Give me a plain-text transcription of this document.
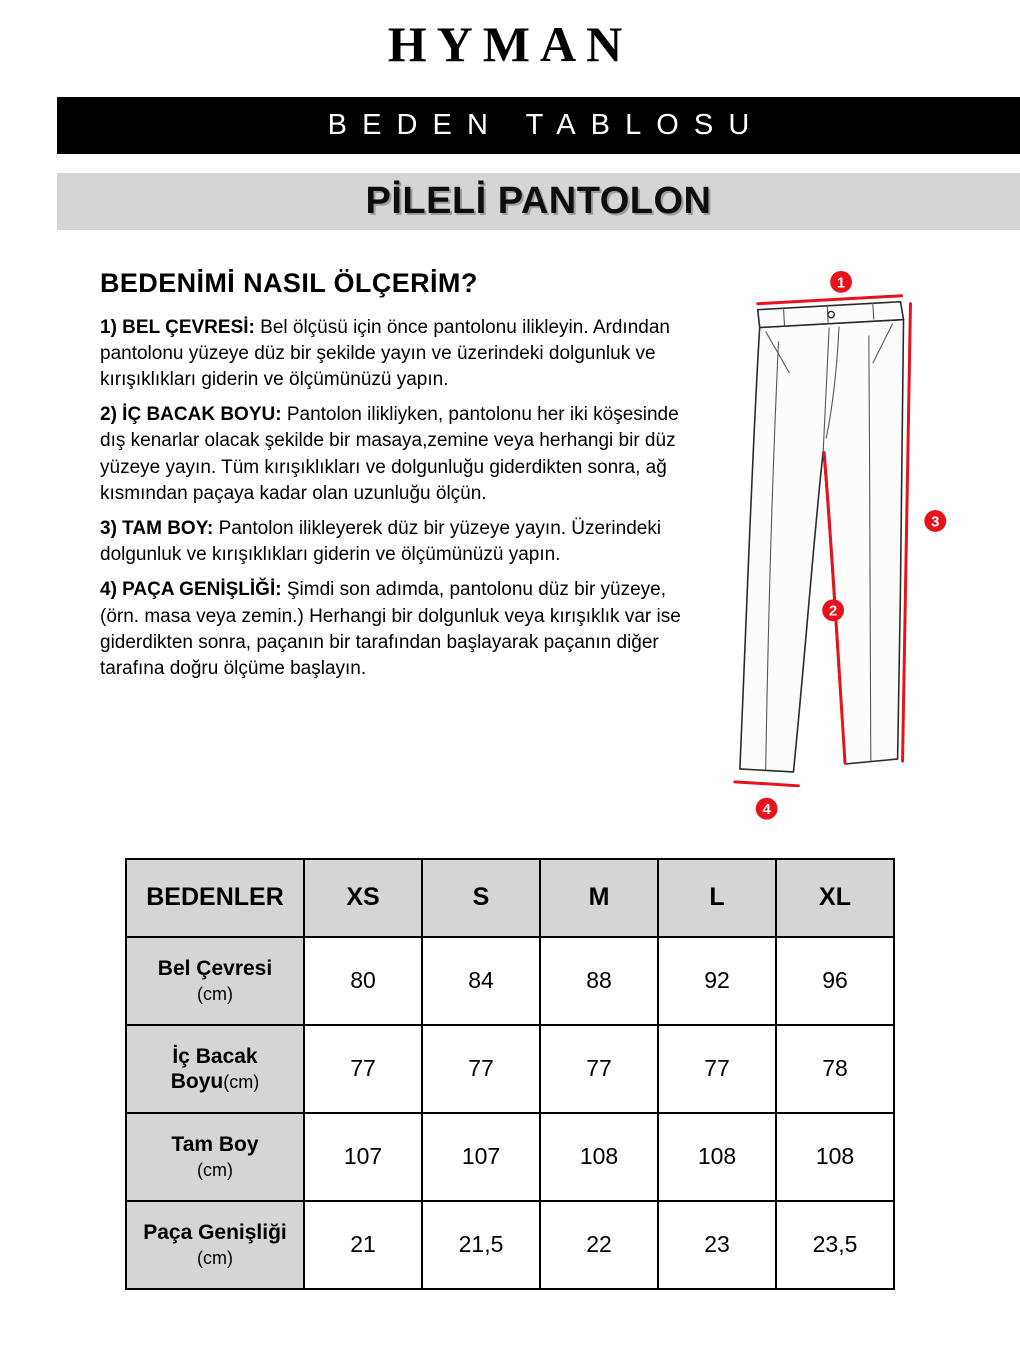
HYMAN
BEDEN TABLOSU
PİLELİ PANTOLON
BEDENİMİ NASIL ÖLÇERİM?

1) BEL ÇEVRESİ: Bel ölçüsü için önce pantolonu ilikleyin. Ardından pantolonu yüzeye düz bir şekilde yayın ve üzerindeki dolgunluk ve kırışıklıkları giderin ve ölçümünüzü yapın.

2) İÇ BACAK BOYU: Pantolon ilikliyken, pantolonu her iki köşesinde dış kenarlar olacak şekilde bir masaya,zemine veya herhangi bir düz yüzeye yayın. Tüm kırışıklıkları ve dolgunluğu giderdikten sonra, ağ kısmından paçaya kadar olan uzunluğu ölçün.

3) TAM BOY: Pantolon ilikleyerek düz bir yüzeye yayın. Üzerindeki dolgunluk ve kırışıklıkları giderin ve ölçümünüzü yapın.

4) PAÇA GENİŞLİĞİ: Şimdi son adımda, pantolonu düz bir yüzeye, (örn. masa veya zemin.) Herhangi bir dolgunluk veya kırışıklık var ise giderdikten sonra, paçanın bir tarafından başlayarak paçanın diğer tarafına doğru ölçüme başlayın.

1
2
3
4
BEDENLER	XS	S	M	L	XL

Bel Çevresi
(cm)	80	84	88	92	96

İç Bacak
Boyu(cm)	77	77	77	77	78

Tam Boy
(cm)	107	107	108	108	108

Paça Genişliği
(cm)	21	21,5	22	23	23,5
